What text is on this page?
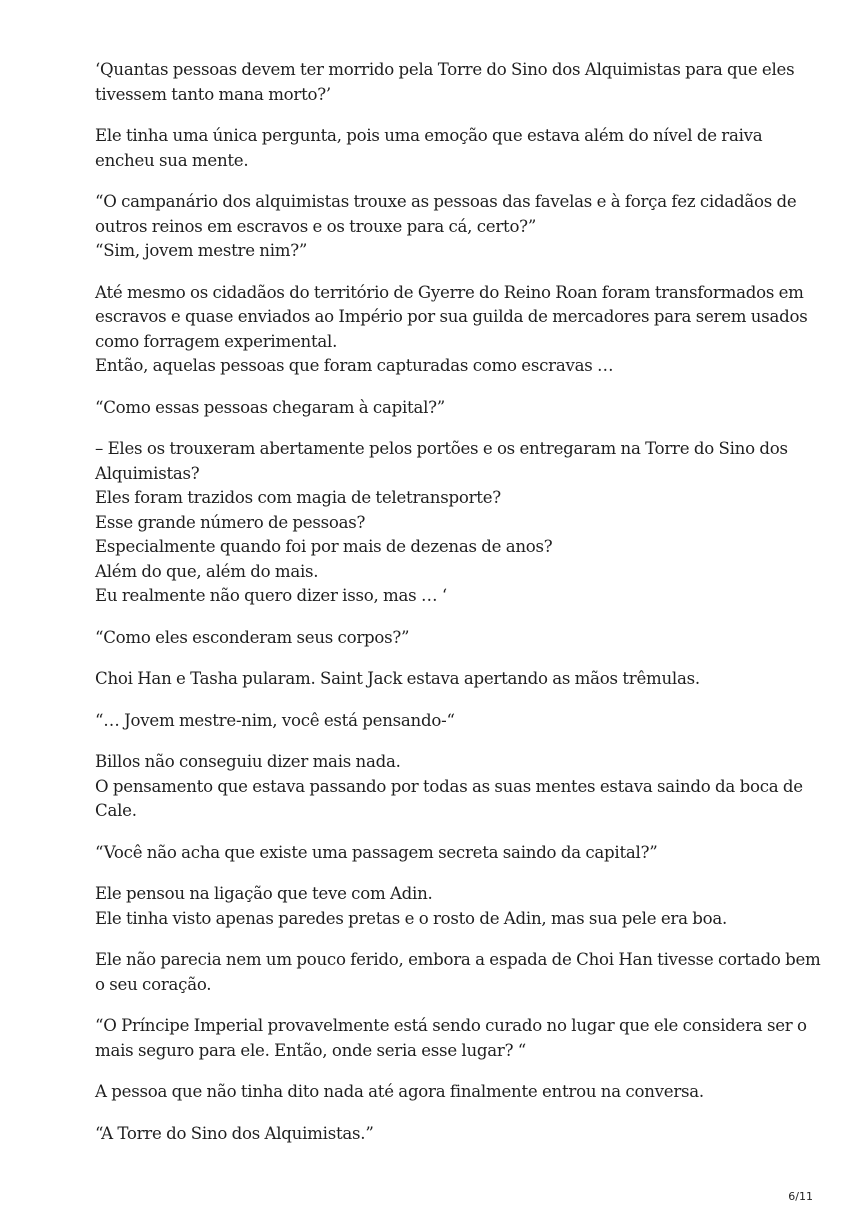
‘Quantas pessoas devem ter morrido pela Torre do Sino dos Alquimistas para que eles
tivessem tanto mana morto?’

Ele tinha uma única pergunta, pois uma emoção que estava além do nível de raiva
encheu sua mente.

“O campanário dos alquimistas trouxe as pessoas das favelas e à força fez cidadãos de
outros reinos em escravos e os trouxe para cá, certo?”
“Sim, jovem mestre nim?”

Até mesmo os cidadãos do território de Gyerre do Reino Roan foram transformados em
escravos e quase enviados ao Império por sua guilda de mercadores para serem usados
como forragem experimental.
Então, aquelas pessoas que foram capturadas como escravas …

“Como essas pessoas chegaram à capital?”

– Eles os trouxeram abertamente pelos portões e os entregaram na Torre do Sino dos
Alquimistas?
Eles foram trazidos com magia de teletransporte?
Esse grande número de pessoas?
Especialmente quando foi por mais de dezenas de anos?
Além do que, além do mais.
Eu realmente não quero dizer isso, mas … ‘

“Como eles esconderam seus corpos?”

Choi Han e Tasha pularam. Saint Jack estava apertando as mãos trêmulas.

“… Jovem mestre-nim, você está pensando-“

Billos não conseguiu dizer mais nada.
O pensamento que estava passando por todas as suas mentes estava saindo da boca de
Cale.

“Você não acha que existe uma passagem secreta saindo da capital?”

Ele pensou na ligação que teve com Adin.
Ele tinha visto apenas paredes pretas e o rosto de Adin, mas sua pele era boa.

Ele não parecia nem um pouco ferido, embora a espada de Choi Han tivesse cortado bem
o seu coração.

“O Príncipe Imperial provavelmente está sendo curado no lugar que ele considera ser o
mais seguro para ele. Então, onde seria esse lugar? “

A pessoa que não tinha dito nada até agora finalmente entrou na conversa.

“A Torre do Sino dos Alquimistas.”

6/11
